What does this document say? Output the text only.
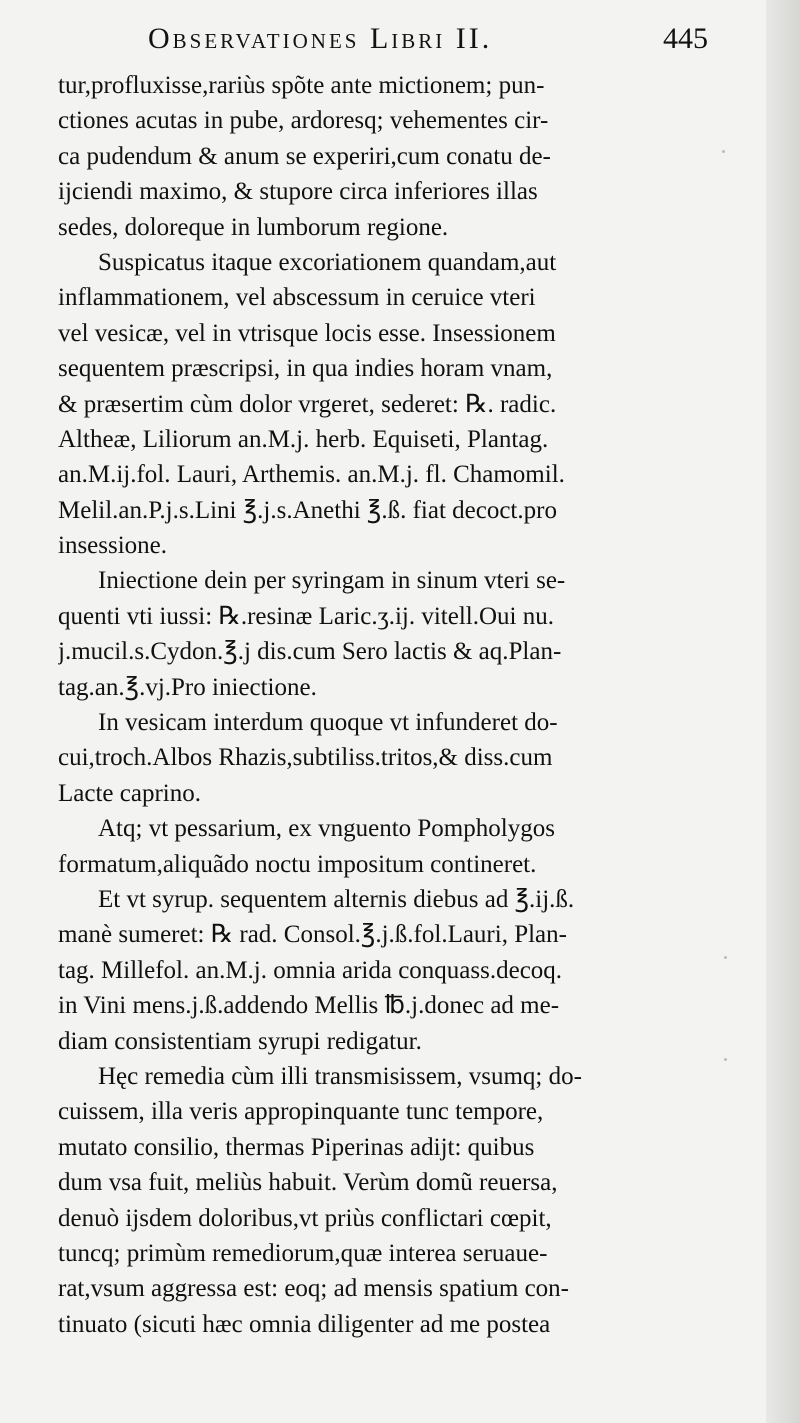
Observationes Libri II.	445
tur,profluxisse,rariùs spõte ante mictionem; pun-
ctiones acutas in pube, ardoresq; vehementes cir-
ca pudendum & anum se experiri,cum conatu de-
ijciendi maximo, & stupore circa inferiores illas
sedes, doloreque in lumborum regione.
Suspicatus itaque excoriationem quandam,aut
inflammationem, vel abscessum in ceruice vteri
vel vesicæ, vel in vtrisque locis esse. Insessionem
sequentem præscripsi, in qua indies horam vnam,
& præsertim cùm dolor vrgeret, sederet: ℞. radic.
Altheæ, Liliorum an.M.j. herb. Equiseti, Plantag.
an.M.ij.fol. Lauri, Arthemis. an.M.j. fl. Chamomil.
Melil.an.P.j.s.Lini ℥.j.s.Anethi ℥.ß. fiat decoct.pro
insessione.
Iniectione dein per syringam in sinum vteri se-
quenti vti iussi: ℞.resinæ Laric.ʒ.ij. vitell.Oui nu.
j.mucil.s.Cydon.℥.j dis.cum Sero lactis & aq.Plan-
tag.an.℥.vj.Pro iniectione.
In vesicam interdum quoque vt infunderet do-
cui,troch.Albos Rhazis,subtiliss.tritos,& diss.cum
Lacte caprino.
Atq; vt pessarium, ex vnguento Pompholygos
formatum,aliquãdo noctu impositum contineret.
Et vt syrup. sequentem alternis diebus ad ℥.ij.ß.
manè sumeret: ℞ rad. Consol.℥.j.ß.fol.Lauri, Plan-
tag. Millefol. an.M.j. omnia arida conquass.decoq.
in Vini mens.j.ß.addendo Mellis ℔.j.donec ad me-
diam consistentiam syrupi redigatur.
Hęc remedia cùm illi transmisissem, vsumq; do-
cuissem, illa veris appropinquante tunc tempore,
mutato consilio, thermas Piperinas adijt: quibus
dum vsa fuit, meliùs habuit. Verùm domũ reuersa,
denuò ijsdem doloribus,vt priùs conflictari cœpit,
tuncq; primùm remediorum,quæ interea seruaue-
rat,vsum aggressa est: eoq; ad mensis spatium con-
tinuato (sicuti hæc omnia diligenter ad me postea
